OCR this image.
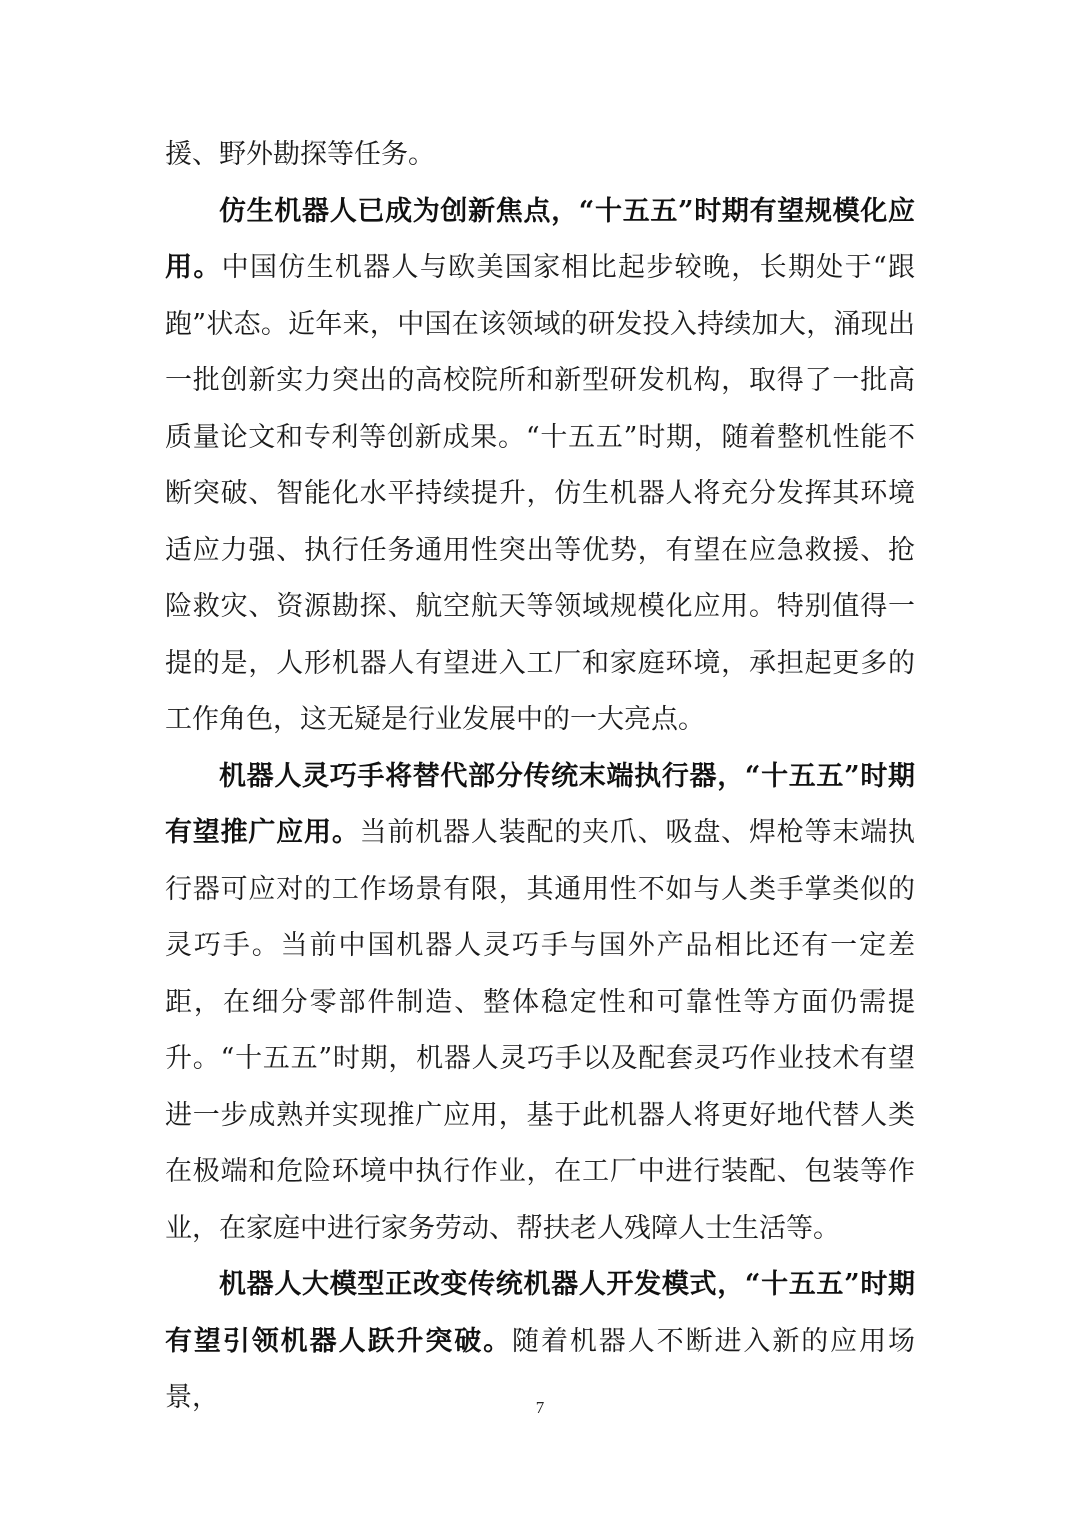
援、野外勘探等任务。

仿生机器人已成为创新焦点，“十五五”时期有望规模化应用。中国仿生机器人与欧美国家相比起步较晚，长期处于“跟跑”状态。近年来，中国在该领域的研发投入持续加大，涌现出一批创新实力突出的高校院所和新型研发机构，取得了一批高质量论文和专利等创新成果。“十五五”时期，随着整机性能不断突破、智能化水平持续提升，仿生机器人将充分发挥其环境适应力强、执行任务通用性突出等优势，有望在应急救援、抢险救灾、资源勘探、航空航天等领域规模化应用。特别值得一提的是，人形机器人有望进入工厂和家庭环境，承担起更多的工作角色，这无疑是行业发展中的一大亮点。

机器人灵巧手将替代部分传统末端执行器，“十五五”时期有望推广应用。当前机器人装配的夹爪、吸盘、焊枪等末端执行器可应对的工作场景有限，其通用性不如与人类手掌类似的灵巧手。当前中国机器人灵巧手与国外产品相比还有一定差距，在细分零部件制造、整体稳定性和可靠性等方面仍需提升。“十五五”时期，机器人灵巧手以及配套灵巧作业技术有望进一步成熟并实现推广应用，基于此机器人将更好地代替人类在极端和危险环境中执行作业，在工厂中进行装配、包装等作业，在家庭中进行家务劳动、帮扶老人残障人士生活等。

机器人大模型正改变传统机器人开发模式，“十五五”时期有望引领机器人跃升突破。随着机器人不断进入新的应用场景，	7
